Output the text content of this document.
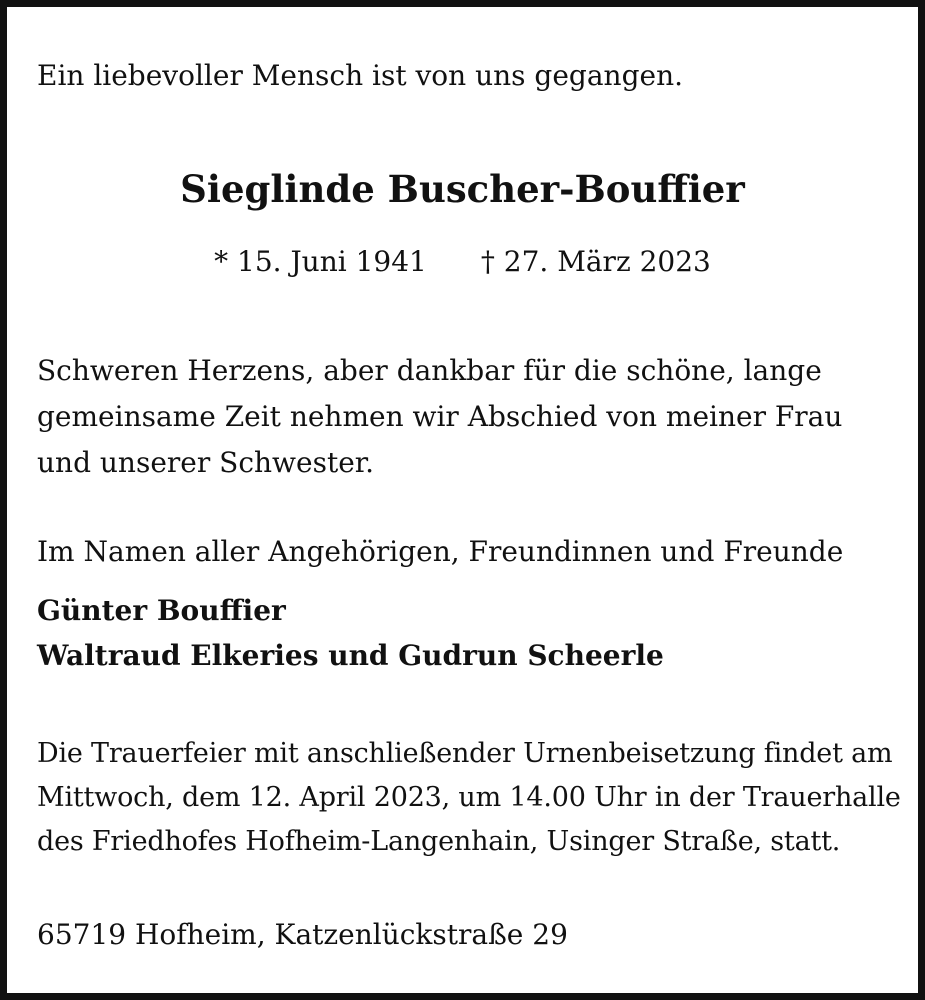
Ein liebevoller Mensch ist von uns gegangen.
Sieglinde Buscher-Bouffier
* 15. Juni 1941 † 27. März 2023
Schweren Herzens, aber dankbar für die schöne, lange
gemeinsame Zeit nehmen wir Abschied von meiner Frau
und unserer Schwester.
Im Namen aller Angehörigen, Freundinnen und Freunde
Günter Bouffier
Waltraud Elkeries und Gudrun Scheerle
Die Trauerfeier mit anschließender Urnenbeisetzung findet am
Mittwoch, dem 12. April 2023, um 14.00 Uhr in der Trauerhalle
des Friedhofes Hofheim-Langenhain, Usinger Straße, statt.
65719 Hofheim, Katzenlückstraße 29
